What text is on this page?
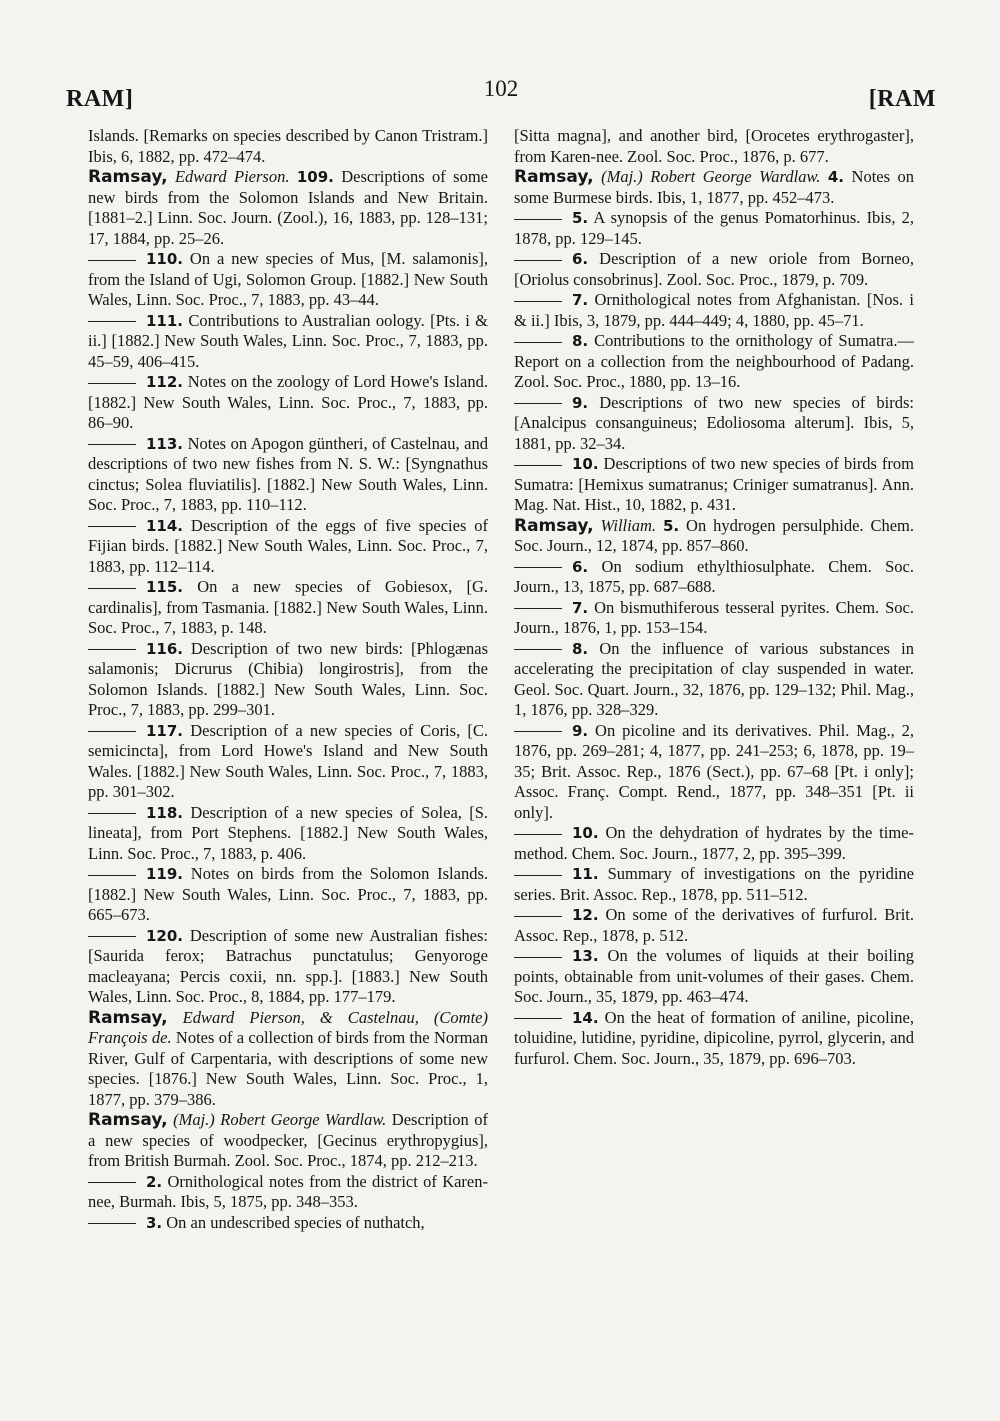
RAM]	102	[RAM

Islands. [Remarks on species described by Canon Tristram.] Ibis, 6, 1882, pp. 472–474.

Ramsay, Edward Pierson. 109. Descriptions of some new birds from the Solomon Islands and New Britain. [1881–2.] Linn. Soc. Journ. (Zool.), 16, 1883, pp. 128–131; 17, 1884, pp. 25–26.

110. On a new species of Mus, [M. salamonis], from the Island of Ugi, Solomon Group. [1882.] New South Wales, Linn. Soc. Proc., 7, 1883, pp. 43–44.

111. Contributions to Australian oology. [Pts. i & ii.] [1882.] New South Wales, Linn. Soc. Proc., 7, 1883, pp. 45–59, 406–415.

112. Notes on the zoology of Lord Howe's Island. [1882.] New South Wales, Linn. Soc. Proc., 7, 1883, pp. 86–90.

113. Notes on Apogon güntheri, of Castelnau, and descriptions of two new fishes from N. S. W.: [Syngnathus cinctus; Solea fluviatilis]. [1882.] New South Wales, Linn. Soc. Proc., 7, 1883, pp. 110–112.

114. Description of the eggs of five species of Fijian birds. [1882.] New South Wales, Linn. Soc. Proc., 7, 1883, pp. 112–114.

115. On a new species of Gobiesox, [G. cardinalis], from Tasmania. [1882.] New South Wales, Linn. Soc. Proc., 7, 1883, p. 148.

116. Description of two new birds: [Phlogænas salamonis; Dicrurus (Chibia) longirostris], from the Solomon Islands. [1882.] New South Wales, Linn. Soc. Proc., 7, 1883, pp. 299–301.

117. Description of a new species of Coris, [C. semicincta], from Lord Howe's Island and New South Wales. [1882.] New South Wales, Linn. Soc. Proc., 7, 1883, pp. 301–302.

118. Description of a new species of Solea, [S. lineata], from Port Stephens. [1882.] New South Wales, Linn. Soc. Proc., 7, 1883, p. 406.

119. Notes on birds from the Solomon Islands. [1882.] New South Wales, Linn. Soc. Proc., 7, 1883, pp. 665–673.

120. Description of some new Australian fishes: [Saurida ferox; Batrachus punctatulus; Genyoroge macleayana; Percis coxii, nn. spp.]. [1883.] New South Wales, Linn. Soc. Proc., 8, 1884, pp. 177–179.

Ramsay, Edward Pierson, & Castelnau, (Comte) François de. Notes of a collection of birds from the Norman River, Gulf of Carpentaria, with descriptions of some new species. [1876.] New South Wales, Linn. Soc. Proc., 1, 1877, pp. 379–386.

Ramsay, (Maj.) Robert George Wardlaw. Description of a new species of woodpecker, [Gecinus erythropygius], from British Burmah. Zool. Soc. Proc., 1874, pp. 212–213.

2. Ornithological notes from the district of Karen-nee, Burmah. Ibis, 5, 1875, pp. 348–353.

3. On an undescribed species of nuthatch,

[Sitta magna], and another bird, [Orocetes erythrogaster], from Karen-nee. Zool. Soc. Proc., 1876, p. 677.

Ramsay, (Maj.) Robert George Wardlaw. 4. Notes on some Burmese birds. Ibis, 1, 1877, pp. 452–473.

5. A synopsis of the genus Pomatorhinus. Ibis, 2, 1878, pp. 129–145.

6. Description of a new oriole from Borneo, [Oriolus consobrinus]. Zool. Soc. Proc., 1879, p. 709.

7. Ornithological notes from Afghanistan. [Nos. i & ii.] Ibis, 3, 1879, pp. 444–449; 4, 1880, pp. 45–71.

8. Contributions to the ornithology of Sumatra.—Report on a collection from the neighbourhood of Padang. Zool. Soc. Proc., 1880, pp. 13–16.

9. Descriptions of two new species of birds: [Analcipus consanguineus; Edoliosoma alterum]. Ibis, 5, 1881, pp. 32–34.

10. Descriptions of two new species of birds from Sumatra: [Hemixus sumatranus; Criniger sumatranus]. Ann. Mag. Nat. Hist., 10, 1882, p. 431.

Ramsay, William. 5. On hydrogen persulphide. Chem. Soc. Journ., 12, 1874, pp. 857–860.

6. On sodium ethylthiosulphate. Chem. Soc. Journ., 13, 1875, pp. 687–688.

7. On bismuthiferous tesseral pyrites. Chem. Soc. Journ., 1876, 1, pp. 153–154.

8. On the influence of various substances in accelerating the precipitation of clay suspended in water. Geol. Soc. Quart. Journ., 32, 1876, pp. 129–132; Phil. Mag., 1, 1876, pp. 328–329.

9. On picoline and its derivatives. Phil. Mag., 2, 1876, pp. 269–281; 4, 1877, pp. 241–253; 6, 1878, pp. 19–35; Brit. Assoc. Rep., 1876 (Sect.), pp. 67–68 [Pt. i only]; Assoc. Franç. Compt. Rend., 1877, pp. 348–351 [Pt. ii only].

10. On the dehydration of hydrates by the time-method. Chem. Soc. Journ., 1877, 2, pp. 395–399.

11. Summary of investigations on the pyridine series. Brit. Assoc. Rep., 1878, pp. 511–512.

12. On some of the derivatives of furfurol. Brit. Assoc. Rep., 1878, p. 512.

13. On the volumes of liquids at their boiling points, obtainable from unit-volumes of their gases. Chem. Soc. Journ., 35, 1879, pp. 463–474.

14. On the heat of formation of aniline, picoline, toluidine, lutidine, pyridine, dipicoline, pyrrol, glycerin, and furfurol. Chem. Soc. Journ., 35, 1879, pp. 696–703.
